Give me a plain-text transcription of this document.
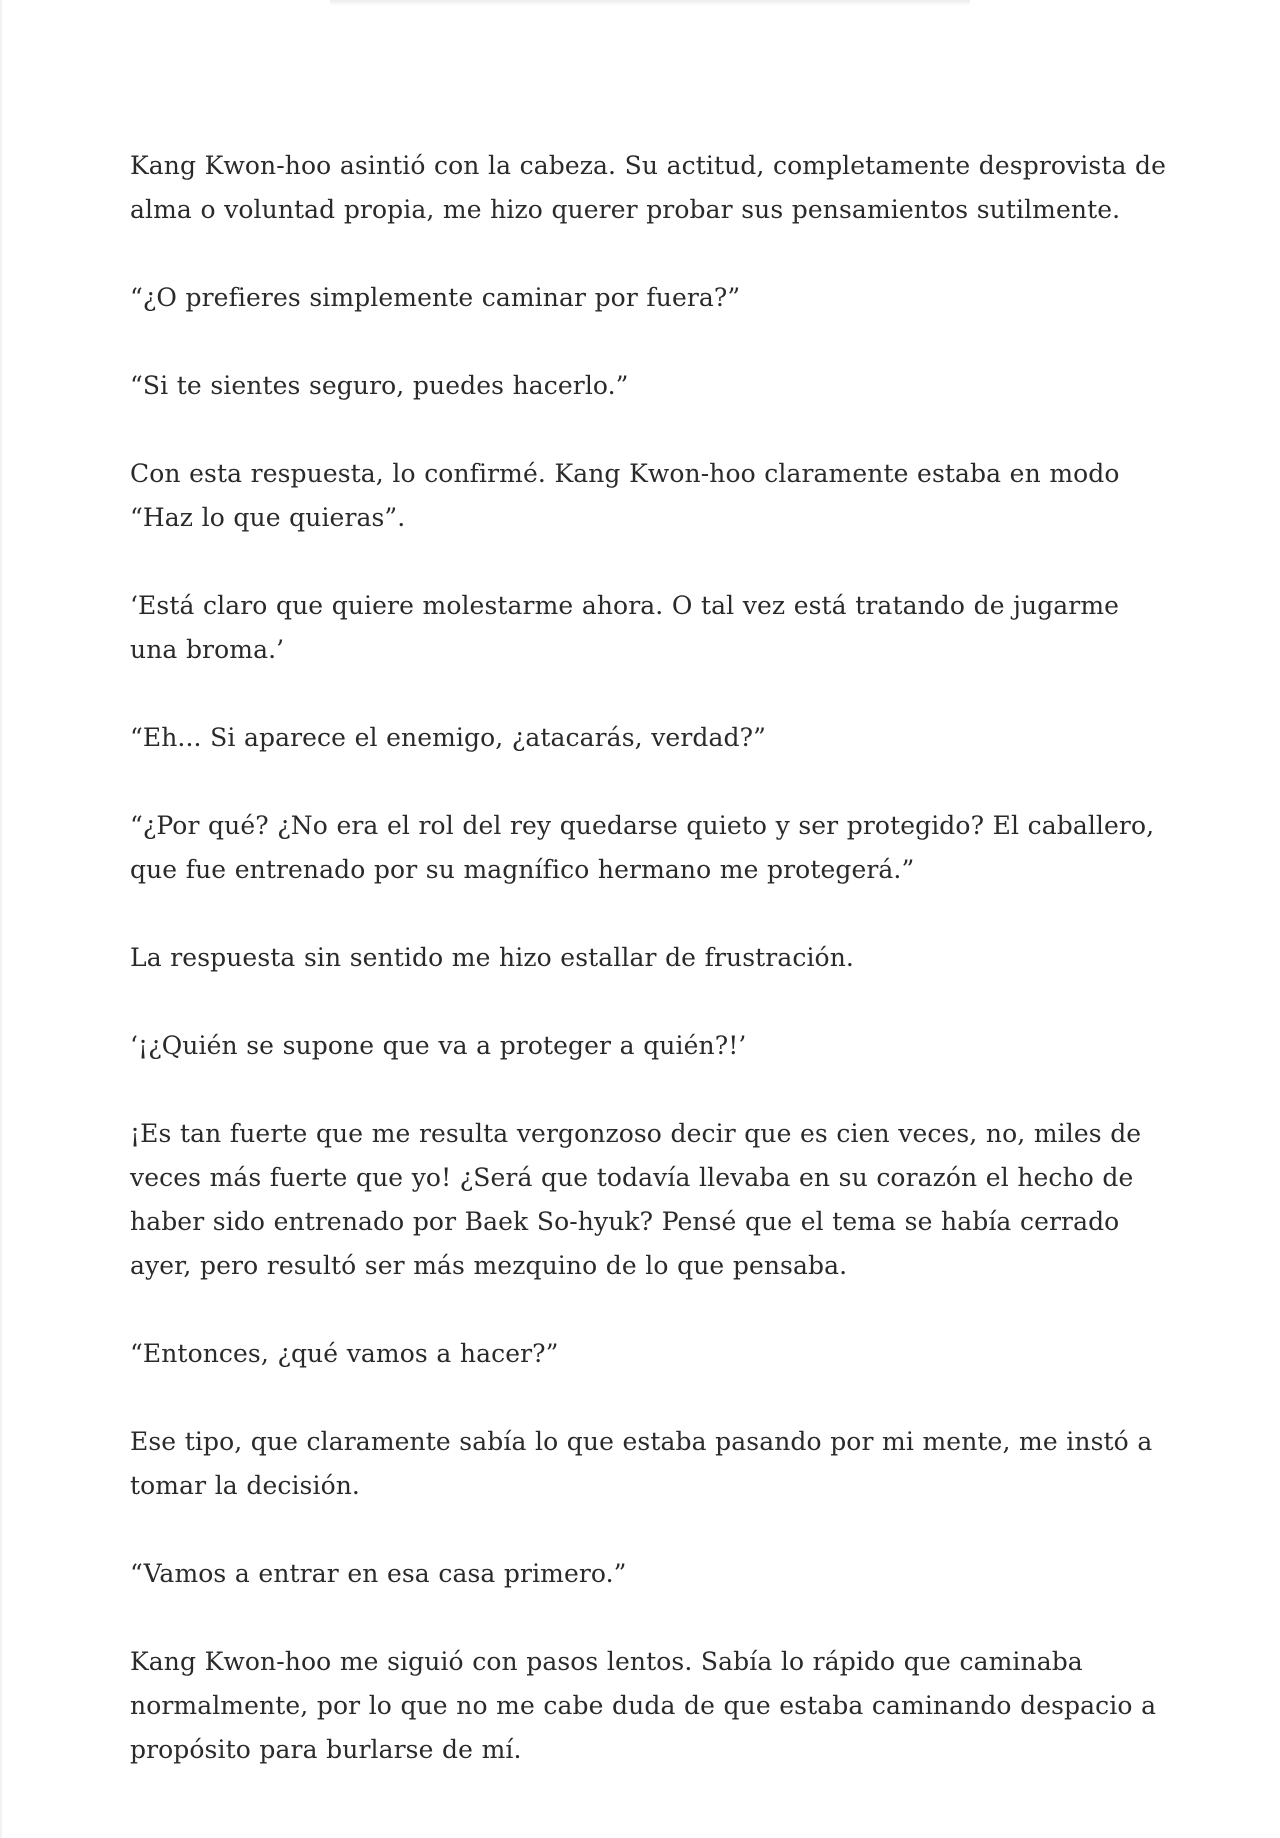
Kang Kwon-hoo asintió con la cabeza. Su actitud, completamente desprovista de alma o voluntad propia, me hizo querer probar sus pensamientos sutilmente.

“¿O prefieres simplemente caminar por fuera?”

“Si te sientes seguro, puedes hacerlo.”

Con esta respuesta, lo confirmé. Kang Kwon-hoo claramente estaba en modo “Haz lo que quieras”.

‘Está claro que quiere molestarme ahora. O tal vez está tratando de jugarme una broma.’

“Eh... Si aparece el enemigo, ¿atacarás, verdad?”

“¿Por qué? ¿No era el rol del rey quedarse quieto y ser protegido? El caballero, que fue entrenado por su magnífico hermano me protegerá.”

La respuesta sin sentido me hizo estallar de frustración.

‘¡¿Quién se supone que va a proteger a quién?!’

¡Es tan fuerte que me resulta vergonzoso decir que es cien veces, no, miles de veces más fuerte que yo! ¿Será que todavía llevaba en su corazón el hecho de haber sido entrenado por Baek So-hyuk? Pensé que el tema se había cerrado ayer, pero resultó ser más mezquino de lo que pensaba.

“Entonces, ¿qué vamos a hacer?”

Ese tipo, que claramente sabía lo que estaba pasando por mi mente, me instó a tomar la decisión.

“Vamos a entrar en esa casa primero.”

Kang Kwon-hoo me siguió con pasos lentos. Sabía lo rápido que caminaba normalmente, por lo que no me cabe duda de que estaba caminando despacio a propósito para burlarse de mí.
